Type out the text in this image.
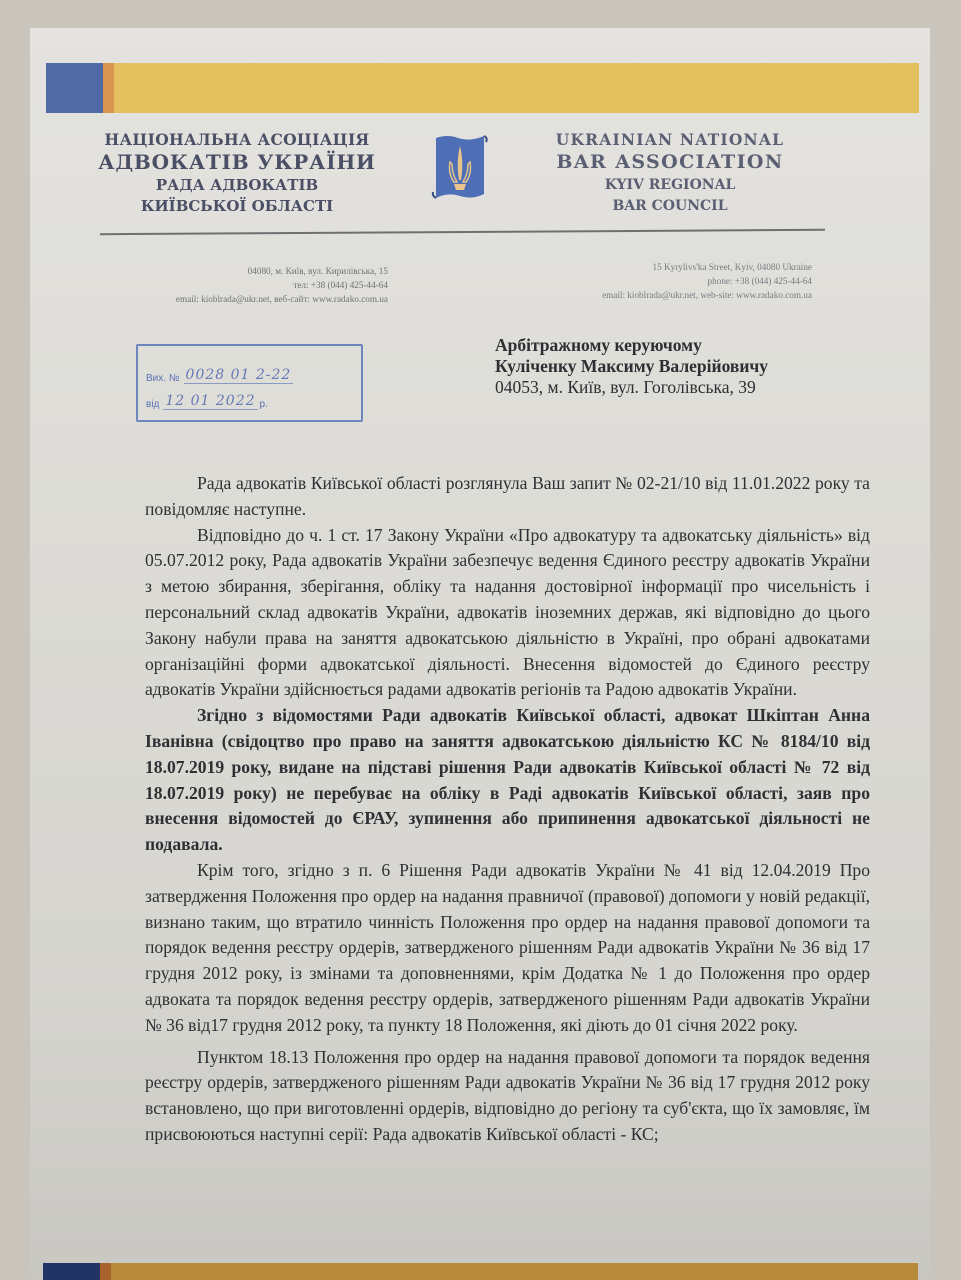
НАЦІОНАЛЬНА АСОЦІАЦІЯ
АДВОКАТІВ УКРАЇНИ
РАДА АДВОКАТІВ
КИЇВСЬКОЇ ОБЛАСТІ
UKRAINIAN NATIONAL
BAR ASSOCIATION
KYIV REGIONAL
BAR COUNCIL
04080, м. Київ, вул. Кирилівська, 15
тел: +38 (044) 425-44-64
email: kioblrada@ukr.net, веб-сайт: www.radako.com.ua
15 Kyrylivs'ka Street, Kyiv, 04080 Ukraine
phone: +38 (044) 425-44-64
email: kioblrada@ukr.net, web-site: www.radako.com.ua
Вих. № 0028 01 2-22
від 12 01 2022 р.
Арбітражному керуючому
Куліченку Максиму Валерійовичу
04053, м. Київ, вул. Гоголівська, 39

Рада адвокатів Київської області розглянула Ваш запит № 02-21/10 від 11.01.2022 року та повідомляє наступне.

Відповідно до ч. 1 ст. 17 Закону України «Про адвокатуру та адвокатську діяльність» від 05.07.2012 року, Рада адвокатів України забезпечує ведення Єдиного реєстру адвокатів України з метою збирання, зберігання, обліку та надання достовірної інформації про чисельність і персональний склад адвокатів України, адвокатів іноземних держав, які відповідно до цього Закону набули права на заняття адвокатською діяльністю в Україні, про обрані адвокатами організаційні форми адвокатської діяльності. Внесення відомостей до Єдиного реєстру адвокатів України здійснюється радами адвокатів регіонів та Радою адвокатів України.

Згідно з відомостями Ради адвокатів Київської області, адвокат Шкіптан Анна Іванівна (свідоцтво про право на заняття адвокатською діяльністю КС № 8184/10 від 18.07.2019 року, видане на підставі рішення Ради адвокатів Київської області № 72 від 18.07.2019 року) не перебуває на обліку в Раді адвокатів Київської області, заяв про внесення відомостей до ЄРАУ, зупинення або припинення адвокатської діяльності не подавала.

Крім того, згідно з п. 6 Рішення Ради адвокатів України № 41 від 12.04.2019 Про затвердження Положення про ордер на надання правничої (правової) допомоги у новій редакції, визнано таким, що втратило чинність Положення про ордер на надання правової допомоги та порядок ведення реєстру ордерів, затвердженого рішенням Ради адвокатів України № 36 від 17 грудня 2012 року, із змінами та доповненнями, крім Додатка № 1 до Положення про ордер адвоката та порядок ведення реєстру ордерів, затвердженого рішенням Ради адвокатів України № 36 від17 грудня 2012 року, та пункту 18 Положення, які діють до 01 січня 2022 року.

Пунктом 18.13 Положення про ордер на надання правової допомоги та порядок ведення реєстру ордерів, затвердженого рішенням Ради адвокатів України № 36 від 17 грудня 2012 року встановлено, що при виготовленні ордерів, відповідно до регіону та суб'єкта, що їх замовляє, їм присвоюються наступні серії: Рада адвокатів Київської області - КС;
